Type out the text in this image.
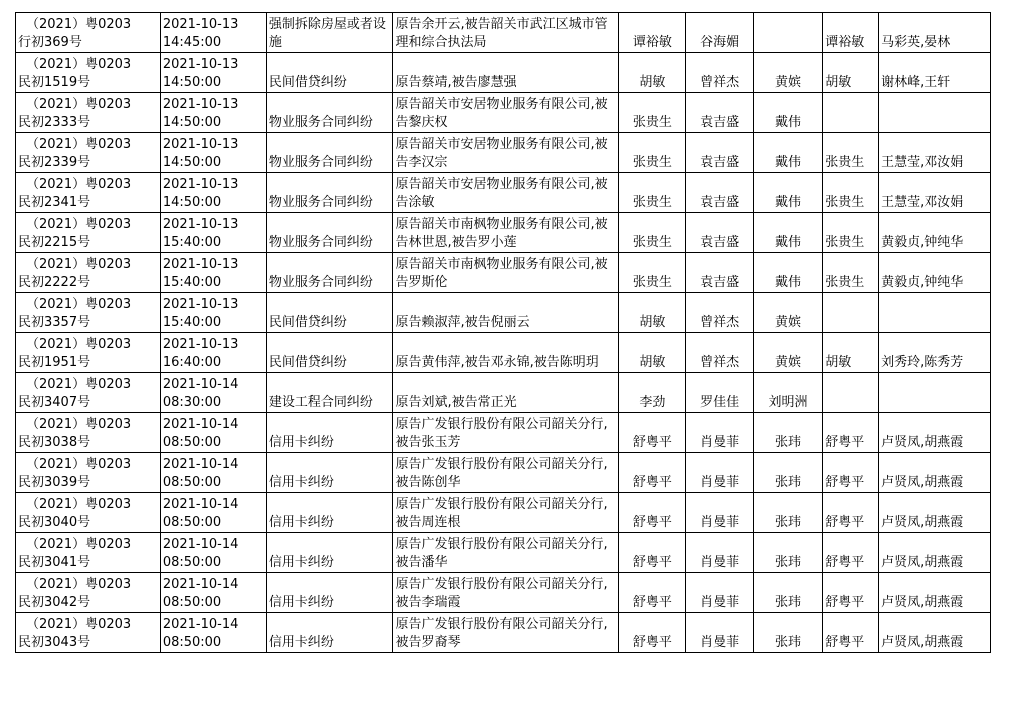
（2021）粤0203
行初369号	2021-10-13
14:45:00	强制拆除房屋或者设施	原告余开云,被告韶关市武江区城市管理和综合执法局	谭裕敏	谷海媚		谭裕敏	马彩英,晏林

（2021）粤0203
民初1519号	2021-10-13
14:50:00	民间借贷纠纷	原告蔡靖,被告廖慧强	胡敏	曾祥杰	黄嫔	胡敏	谢林峰,王轩

（2021）粤0203
民初2333号	2021-10-13
14:50:00	物业服务合同纠纷	原告韶关市安居物业服务有限公司,被告黎庆权	张贵生	袁吉盛	戴伟		

（2021）粤0203
民初2339号	2021-10-13
14:50:00	物业服务合同纠纷	原告韶关市安居物业服务有限公司,被告李汉宗	张贵生	袁吉盛	戴伟	张贵生	王慧莹,邓汝娟

（2021）粤0203
民初2341号	2021-10-13
14:50:00	物业服务合同纠纷	原告韶关市安居物业服务有限公司,被告涂敏	张贵生	袁吉盛	戴伟	张贵生	王慧莹,邓汝娟

（2021）粤0203
民初2215号	2021-10-13
15:40:00	物业服务合同纠纷	原告韶关市南枫物业服务有限公司,被告林世恩,被告罗小莲	张贵生	袁吉盛	戴伟	张贵生	黄毅贞,钟纯华

（2021）粤0203
民初2222号	2021-10-13
15:40:00	物业服务合同纠纷	原告韶关市南枫物业服务有限公司,被告罗斯伦	张贵生	袁吉盛	戴伟	张贵生	黄毅贞,钟纯华

（2021）粤0203
民初3357号	2021-10-13
15:40:00	民间借贷纠纷	原告赖淑萍,被告倪丽云	胡敏	曾祥杰	黄嫔		

（2021）粤0203
民初1951号	2021-10-13
16:40:00	民间借贷纠纷	原告黄伟萍,被告邓永锦,被告陈明玥	胡敏	曾祥杰	黄嫔	胡敏	刘秀玲,陈秀芳

（2021）粤0203
民初3407号	2021-10-14
08:30:00	建设工程合同纠纷	原告刘斌,被告常正光	李劲	罗佳佳	刘明洲		

（2021）粤0203
民初3038号	2021-10-14
08:50:00	信用卡纠纷	原告广发银行股份有限公司韶关分行,被告张玉芳	舒粤平	肖曼菲	张玮	舒粤平	卢贤凤,胡燕霞

（2021）粤0203
民初3039号	2021-10-14
08:50:00	信用卡纠纷	原告广发银行股份有限公司韶关分行,被告陈创华	舒粤平	肖曼菲	张玮	舒粤平	卢贤凤,胡燕霞

（2021）粤0203
民初3040号	2021-10-14
08:50:00	信用卡纠纷	原告广发银行股份有限公司韶关分行,被告周连根	舒粤平	肖曼菲	张玮	舒粤平	卢贤凤,胡燕霞

（2021）粤0203
民初3041号	2021-10-14
08:50:00	信用卡纠纷	原告广发银行股份有限公司韶关分行,被告潘华	舒粤平	肖曼菲	张玮	舒粤平	卢贤凤,胡燕霞

（2021）粤0203
民初3042号	2021-10-14
08:50:00	信用卡纠纷	原告广发银行股份有限公司韶关分行,被告李瑞霞	舒粤平	肖曼菲	张玮	舒粤平	卢贤凤,胡燕霞

（2021）粤0203
民初3043号	2021-10-14
08:50:00	信用卡纠纷	原告广发银行股份有限公司韶关分行,被告罗裔琴	舒粤平	肖曼菲	张玮	舒粤平	卢贤凤,胡燕霞
